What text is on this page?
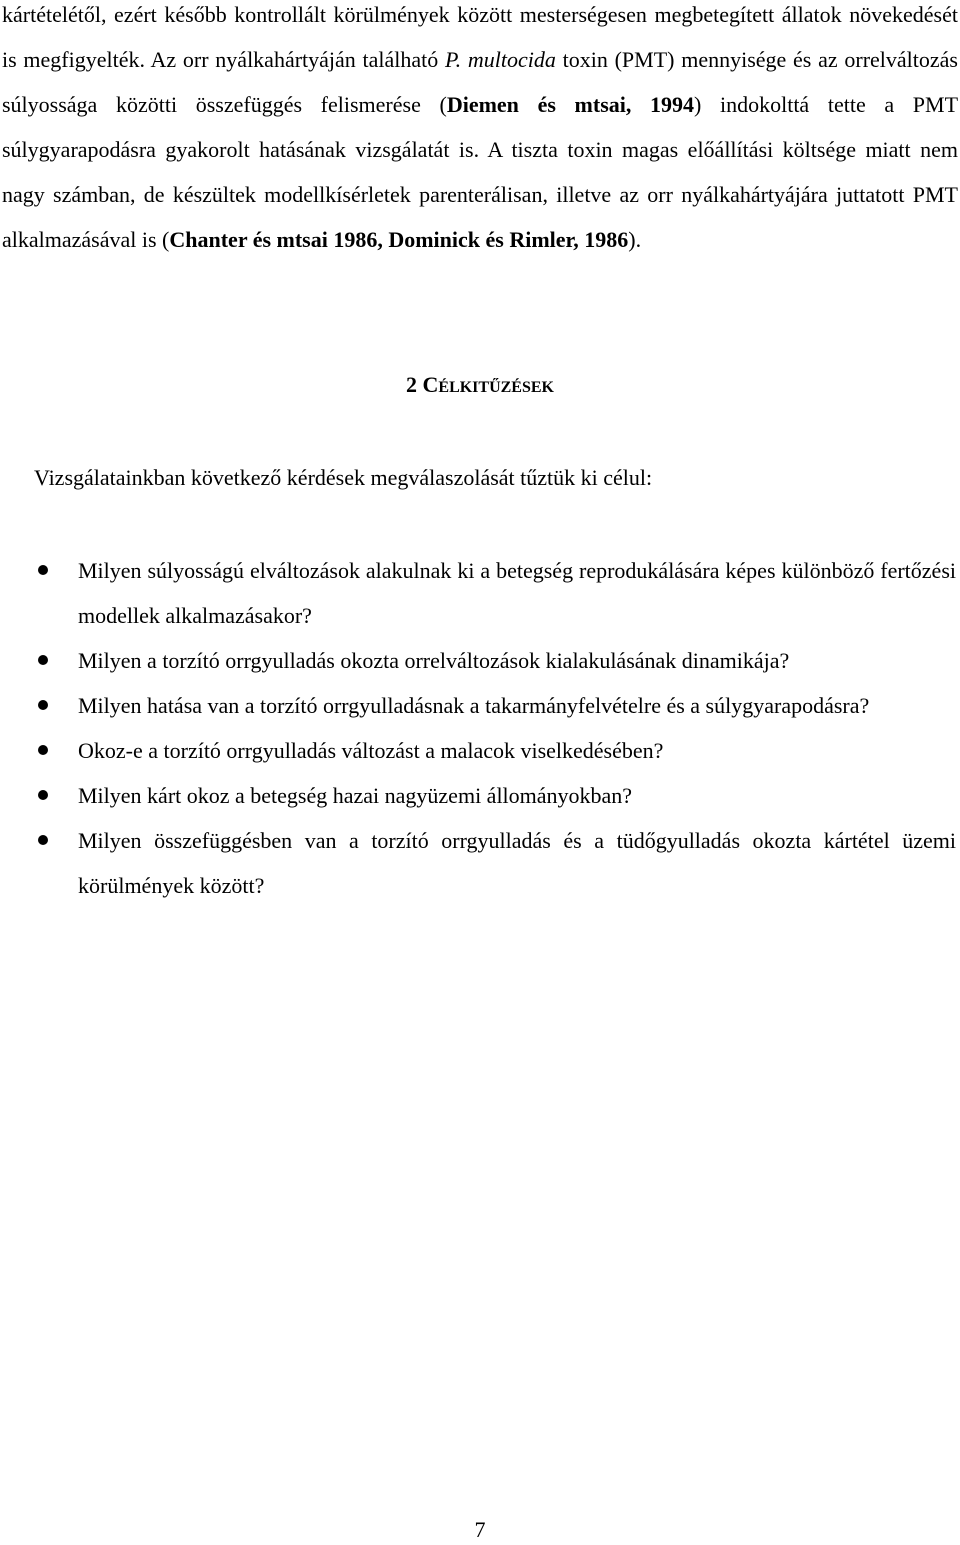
kártételétől, ezért később kontrollált körülmények között mesterségesen megbetegített állatok növekedését is megfigyelték. Az orr nyálkahártyáján található P. multocida toxin (PMT) mennyisége és az orrelváltozás súlyossága közötti összefüggés felismerése (Diemen és mtsai, 1994) indokolttá tette a PMT súlygyarapodásra gyakorolt hatásának vizsgálatát is. A tiszta toxin magas előállítási költsége miatt nem nagy számban, de készültek modellkísérletek parenterálisan, illetve az orr nyálkahártyájára juttatott PMT alkalmazásával is (Chanter és mtsai 1986, Dominick és Rimler, 1986).

2 CÉLKITŰZÉSEK

Vizsgálatainkban következő kérdések megválaszolását tűztük ki célul:

Milyen súlyosságú elváltozások alakulnak ki a betegség reprodukálására képes különböző fertőzési modellek alkalmazásakor?
Milyen a torzító orrgyulladás okozta orrelváltozások kialakulásának dinamikája?
Milyen hatása van a torzító orrgyulladásnak a takarmányfelvételre és a súlygyarapodásra?
Okoz-e a torzító orrgyulladás változást a malacok viselkedésében?
Milyen kárt okoz a betegség hazai nagyüzemi állományokban?
Milyen összefüggésben van a torzító orrgyulladás és a tüdőgyulladás okozta kártétel üzemi körülmények között?
7
